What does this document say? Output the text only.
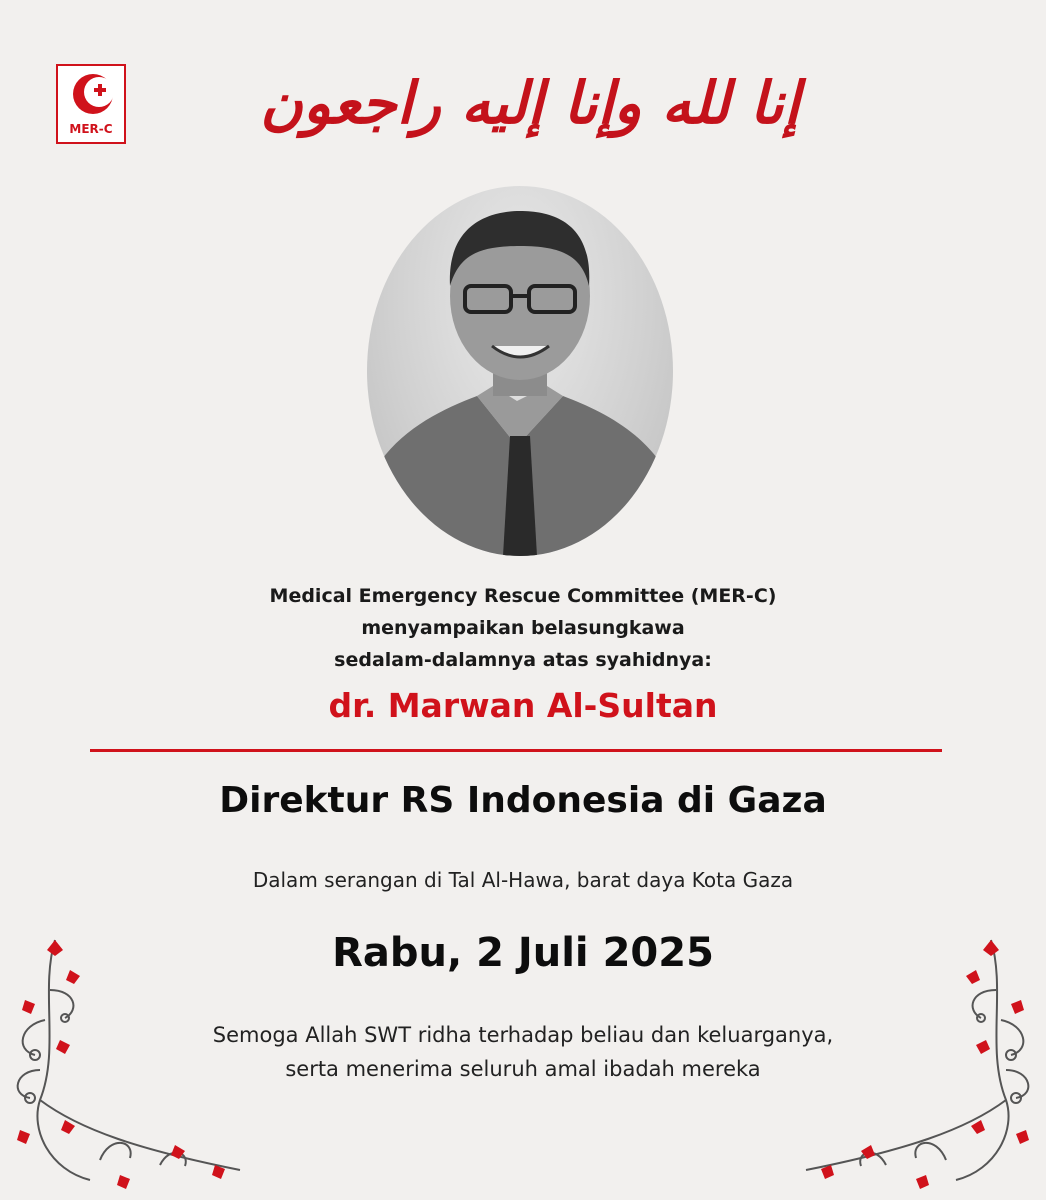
MER-C	إنا لله وإنا إليه راجعون
Medical Emergency Rescue Committee (MER-C)
menyampaikan belasungkawa
sedalam-dalamnya atas syahidnya:
dr. Marwan Al-Sultan
Direktur RS Indonesia di Gaza
Dalam serangan di Tal Al-Hawa, barat daya Kota Gaza
Rabu, 2 Juli 2025
Semoga Allah SWT ridha terhadap beliau dan keluarganya,
serta menerima seluruh amal ibadah mereka
